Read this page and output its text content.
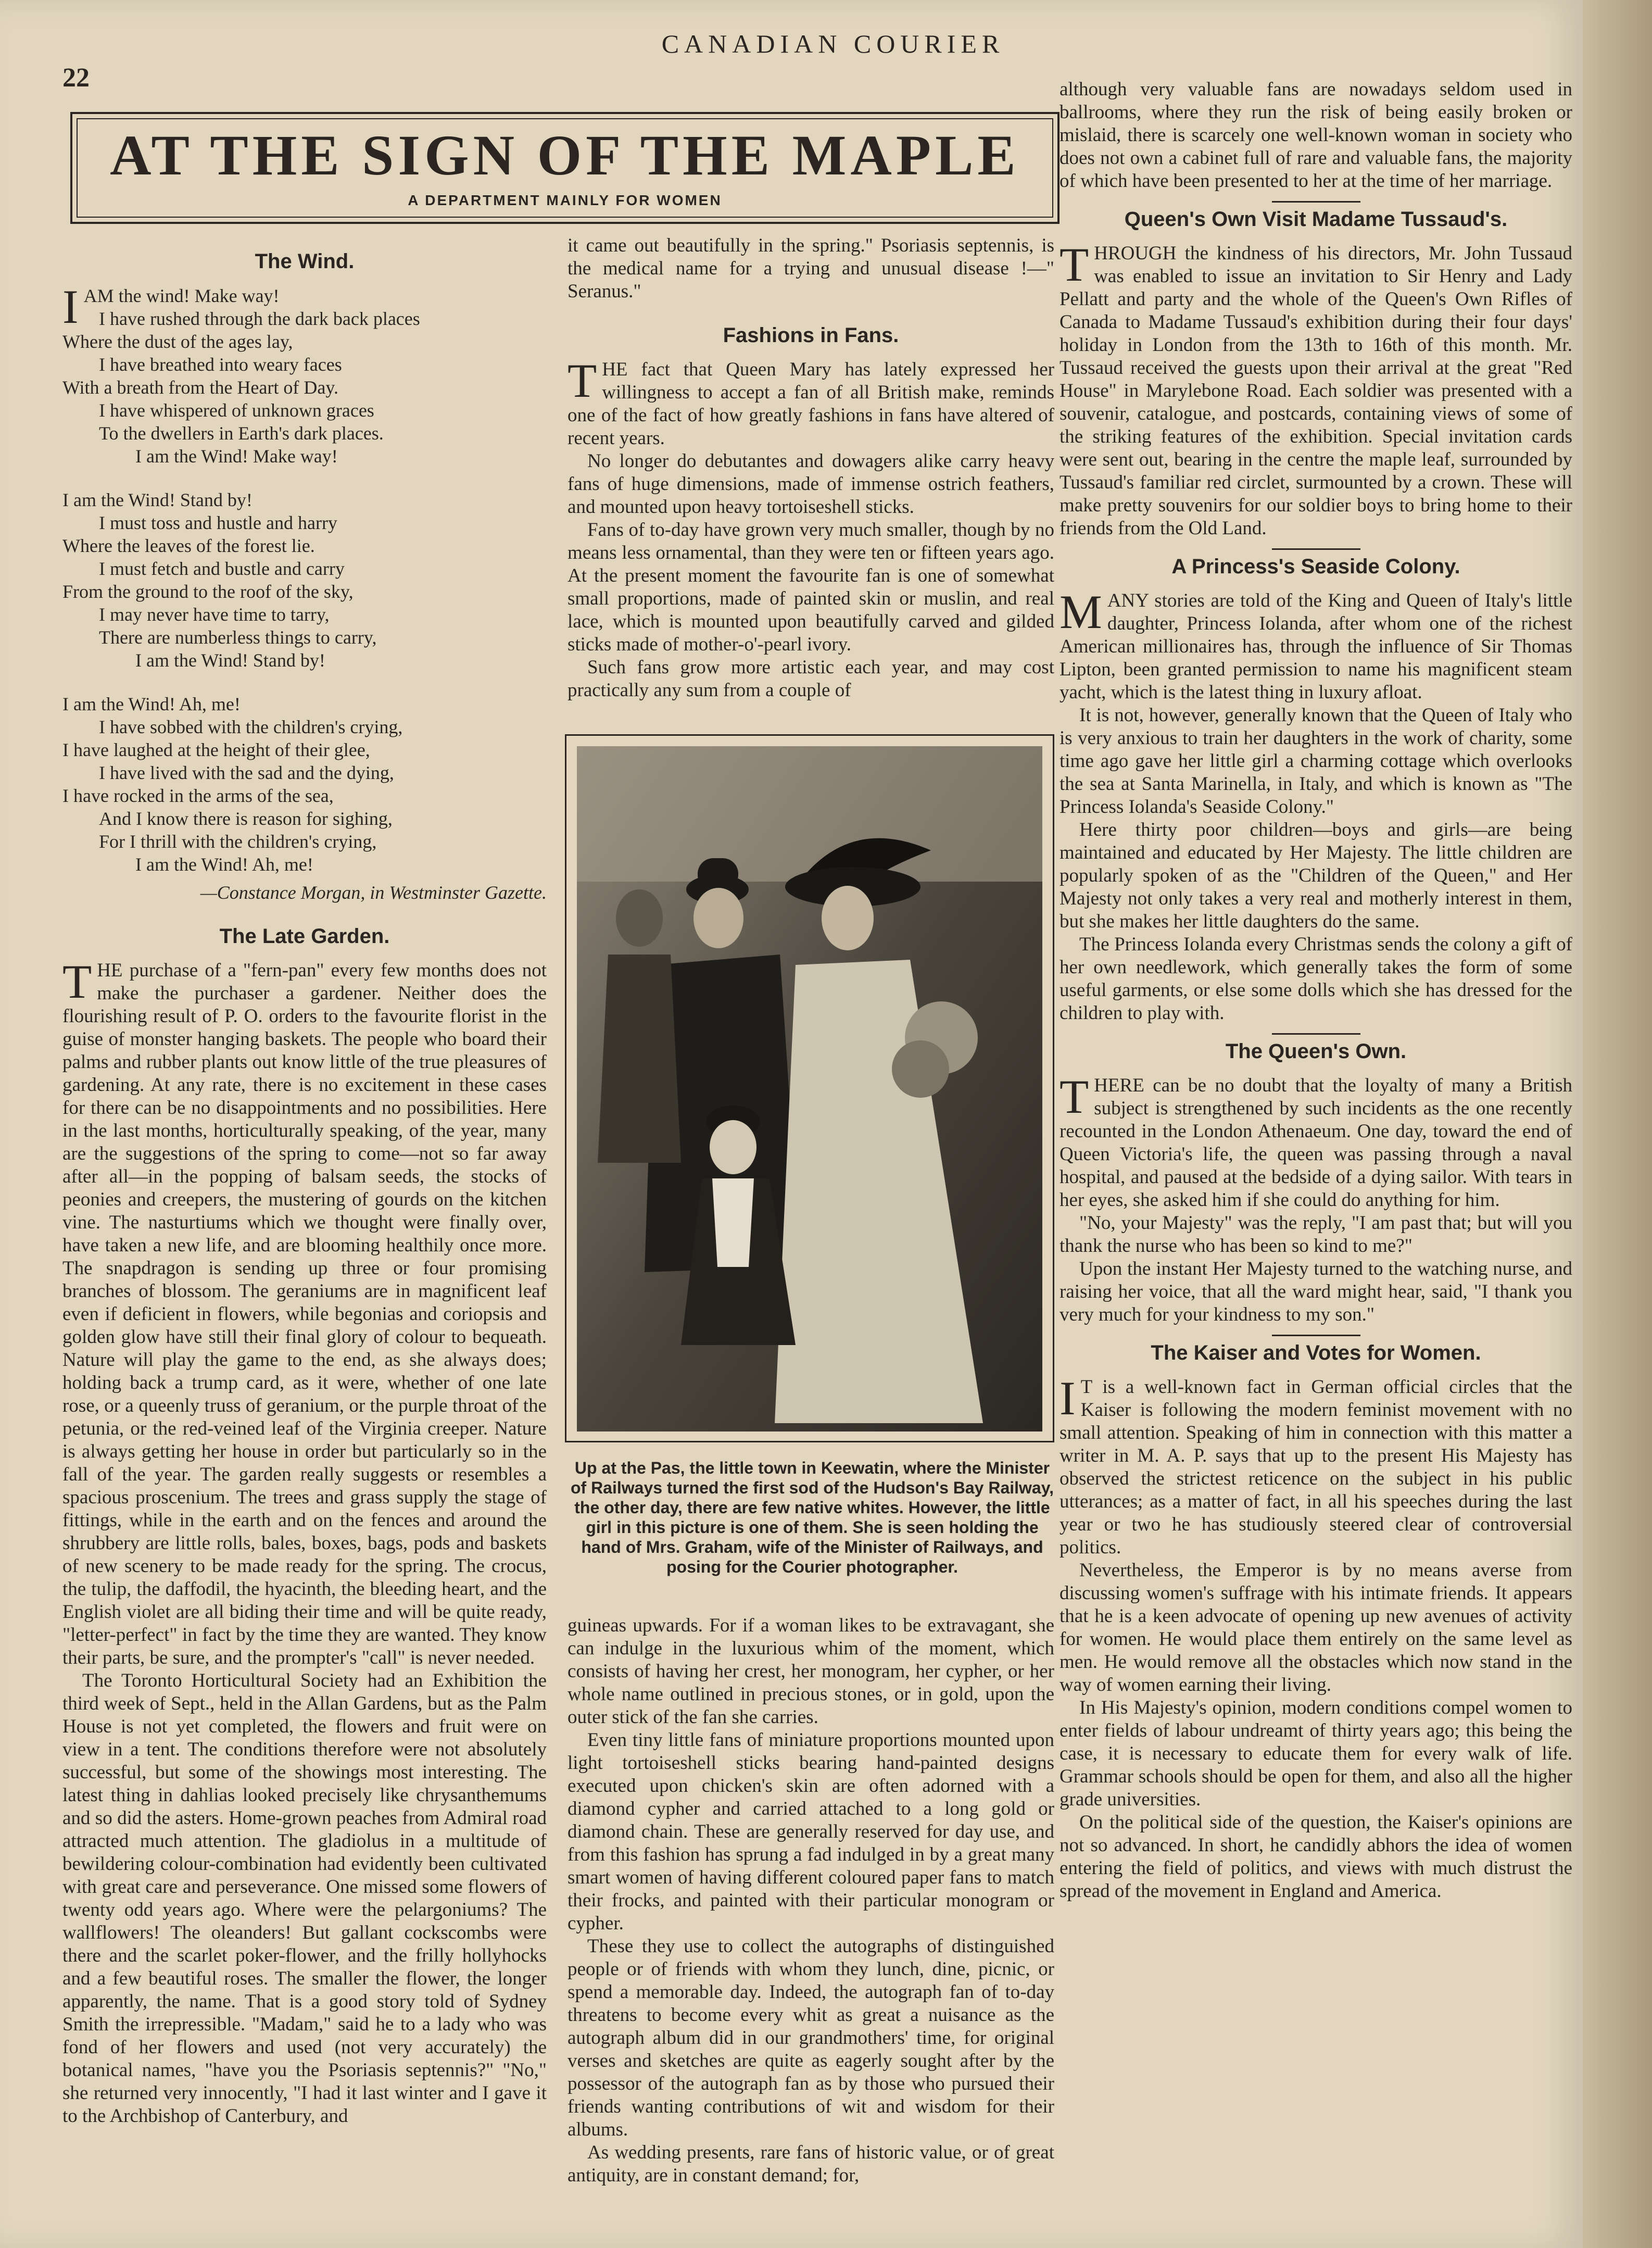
22
CANADIAN COURIER
AT THE SIGN OF THE MAPLE
A DEPARTMENT MAINLY FOR WOMEN
The Wind.
I AM the wind! Make way!
I have rushed through the dark back places
Where the dust of the ages lay,
I have breathed into weary faces
With a breath from the Heart of Day.
I have whispered of unknown graces
To the dwellers in Earth's dark places.
I am the Wind! Make way!
I am the Wind! Stand by!
I must toss and hustle and harry
Where the leaves of the forest lie.
I must fetch and bustle and carry
From the ground to the roof of the sky,
I may never have time to tarry,
There are numberless things to carry,
I am the Wind! Stand by!
I am the Wind! Ah, me!
I have sobbed with the children's crying,
I have laughed at the height of their glee,
I have lived with the sad and the dying,
I have rocked in the arms of the sea,
And I know there is reason for sighing,
For I thrill with the children's crying,
I am the Wind! Ah, me!
—Constance Morgan, in Westminster Gazette.
The Late Garden.

THE purchase of a "fern-pan" every few months does not make the purchaser a gardener. Neither does the flourishing result of P. O. orders to the favourite florist in the guise of monster hanging baskets. The people who board their palms and rubber plants out know little of the true pleasures of gardening. At any rate, there is no excitement in these cases for there can be no disappointments and no possibilities. Here in the last months, horticulturally speaking, of the year, many are the suggestions of the spring to come—not so far away after all—in the popping of balsam seeds, the stocks of peonies and creepers, the mustering of gourds on the kitchen vine. The nasturtiums which we thought were finally over, have taken a new life, and are blooming healthily once more. The snapdragon is sending up three or four promising branches of blossom. The geraniums are in magnificent leaf even if deficient in flowers, while begonias and coriopsis and golden glow have still their final glory of colour to bequeath. Nature will play the game to the end, as she always does; holding back a trump card, as it were, whether of one late rose, or a queenly truss of geranium, or the purple throat of the petunia, or the red-veined leaf of the Virginia creeper. Nature is always getting her house in order but particularly so in the fall of the year. The garden really suggests or resembles a spacious proscenium. The trees and grass supply the stage of fittings, while in the earth and on the fences and around the shrubbery are little rolls, bales, boxes, bags, pods and baskets of new scenery to be made ready for the spring. The crocus, the tulip, the daffodil, the hyacinth, the bleeding heart, and the English violet are all biding their time and will be quite ready, "letter-perfect" in fact by the time they are wanted. They know their parts, be sure, and the prompter's "call" is never needed.

The Toronto Horticultural Society had an Exhibition the third week of Sept., held in the Allan Gardens, but as the Palm House is not yet completed, the flowers and fruit were on view in a tent. The conditions therefore were not absolutely successful, but some of the showings most interesting. The latest thing in dahlias looked precisely like chrysanthemums and so did the asters. Home-grown peaches from Admiral road attracted much attention. The gladiolus in a multitude of bewildering colour-combination had evidently been cultivated with great care and perseverance. One missed some flowers of twenty odd years ago. Where were the pelargoniums? The wallflowers! The oleanders! But gallant cockscombs were there and the scarlet poker-flower, and the frilly hollyhocks and a few beautiful roses. The smaller the flower, the longer apparently, the name. That is a good story told of Sydney Smith the irrepressible. "Madam," said he to a lady who was fond of her flowers and used (not very accurately) the botanical names, "have you the Psoriasis septennis?" "No," she returned very innocently, "I had it last winter and I gave it to the Archbishop of Canterbury, and

it came out beautifully in the spring." Psoriasis septennis, is the medical name for a trying and unusual disease !—" Seranus."

Fashions in Fans.

THE fact that Queen Mary has lately expressed her willingness to accept a fan of all British make, reminds one of the fact of how greatly fashions in fans have altered of recent years.

No longer do debutantes and dowagers alike carry heavy fans of huge dimensions, made of immense ostrich feathers, and mounted upon heavy tortoiseshell sticks.

Fans of to-day have grown very much smaller, though by no means less ornamental, than they were ten or fifteen years ago. At the present moment the favourite fan is one of somewhat small proportions, made of painted skin or muslin, and real lace, which is mounted upon beautifully carved and gilded sticks made of mother-o'-pearl ivory.

Such fans grow more artistic each year, and may cost practically any sum from a couple of

Up at the Pas, the little town in Keewatin, where the Minister of Railways turned the first sod of the Hudson's Bay Railway, the other day, there are few native whites. However, the little girl in this picture is one of them. She is seen holding the hand of Mrs. Graham, wife of the Minister of Railways, and posing for the Courier photographer.

guineas upwards. For if a woman likes to be extravagant, she can indulge in the luxurious whim of the moment, which consists of having her crest, her monogram, her cypher, or her whole name outlined in precious stones, or in gold, upon the outer stick of the fan she carries.

Even tiny little fans of miniature proportions mounted upon light tortoiseshell sticks bearing hand-painted designs executed upon chicken's skin are often adorned with a diamond cypher and carried attached to a long gold or diamond chain. These are generally reserved for day use, and from this fashion has sprung a fad indulged in by a great many smart women of having different coloured paper fans to match their frocks, and painted with their particular monogram or cypher.

These they use to collect the autographs of distinguished people or of friends with whom they lunch, dine, picnic, or spend a memorable day. Indeed, the autograph fan of to-day threatens to become every whit as great a nuisance as the autograph album did in our grandmothers' time, for original verses and sketches are quite as eagerly sought after by the possessor of the autograph fan as by those who pursued their friends wanting contributions of wit and wisdom for their albums.

As wedding presents, rare fans of historic value, or of great antiquity, are in constant demand; for,

although very valuable fans are nowadays seldom used in ballrooms, where they run the risk of being easily broken or mislaid, there is scarcely one well-known woman in society who does not own a cabinet full of rare and valuable fans, the majority of which have been presented to her at the time of her marriage.

Queen's Own Visit Madame Tussaud's.

THROUGH the kindness of his directors, Mr. John Tussaud was enabled to issue an invitation to Sir Henry and Lady Pellatt and party and the whole of the Queen's Own Rifles of Canada to Madame Tussaud's exhibition during their four days' holiday in London from the 13th to 16th of this month. Mr. Tussaud received the guests upon their arrival at the great "Red House" in Marylebone Road. Each soldier was presented with a souvenir, catalogue, and postcards, containing views of some of the striking features of the exhibition. Special invitation cards were sent out, bearing in the centre the maple leaf, surrounded by Tussaud's familiar red circlet, surmounted by a crown. These will make pretty souvenirs for our soldier boys to bring home to their friends from the Old Land.

A Princess's Seaside Colony.

MANY stories are told of the King and Queen of Italy's little daughter, Princess Iolanda, after whom one of the richest American millionaires has, through the influence of Sir Thomas Lipton, been granted permission to name his magnificent steam yacht, which is the latest thing in luxury afloat.

It is not, however, generally known that the Queen of Italy who is very anxious to train her daughters in the work of charity, some time ago gave her little girl a charming cottage which overlooks the sea at Santa Marinella, in Italy, and which is known as "The Princess Iolanda's Seaside Colony."

Here thirty poor children—boys and girls—are being maintained and educated by Her Majesty. The little children are popularly spoken of as the "Children of the Queen," and Her Majesty not only takes a very real and motherly interest in them, but she makes her little daughters do the same.

The Princess Iolanda every Christmas sends the colony a gift of her own needlework, which generally takes the form of some useful garments, or else some dolls which she has dressed for the children to play with.

The Queen's Own.

THERE can be no doubt that the loyalty of many a British subject is strengthened by such incidents as the one recently recounted in the London Athenaeum. One day, toward the end of Queen Victoria's life, the queen was passing through a naval hospital, and paused at the bedside of a dying sailor. With tears in her eyes, she asked him if she could do anything for him.

"No, your Majesty" was the reply, "I am past that; but will you thank the nurse who has been so kind to me?"

Upon the instant Her Majesty turned to the watching nurse, and raising her voice, that all the ward might hear, said, "I thank you very much for your kindness to my son."

The Kaiser and Votes for Women.

I T is a well-known fact in German official circles that the Kaiser is following the modern feminist movement with no small attention. Speaking of him in connection with this matter a writer in M. A. P. says that up to the present His Majesty has observed the strictest reticence on the subject in his public utterances; as a matter of fact, in all his speeches during the last year or two he has studiously steered clear of controversial politics.

Nevertheless, the Emperor is by no means averse from discussing women's suffrage with his intimate friends. It appears that he is a keen advocate of opening up new avenues of activity for women. He would place them entirely on the same level as men. He would remove all the obstacles which now stand in the way of women earning their living.

In His Majesty's opinion, modern conditions compel women to enter fields of labour undreamt of thirty years ago; this being the case, it is necessary to educate them for every walk of life. Grammar schools should be open for them, and also all the higher grade universities.

On the political side of the question, the Kaiser's opinions are not so advanced. In short, he candidly abhors the idea of women entering the field of politics, and views with much distrust the spread of the movement in England and America.
